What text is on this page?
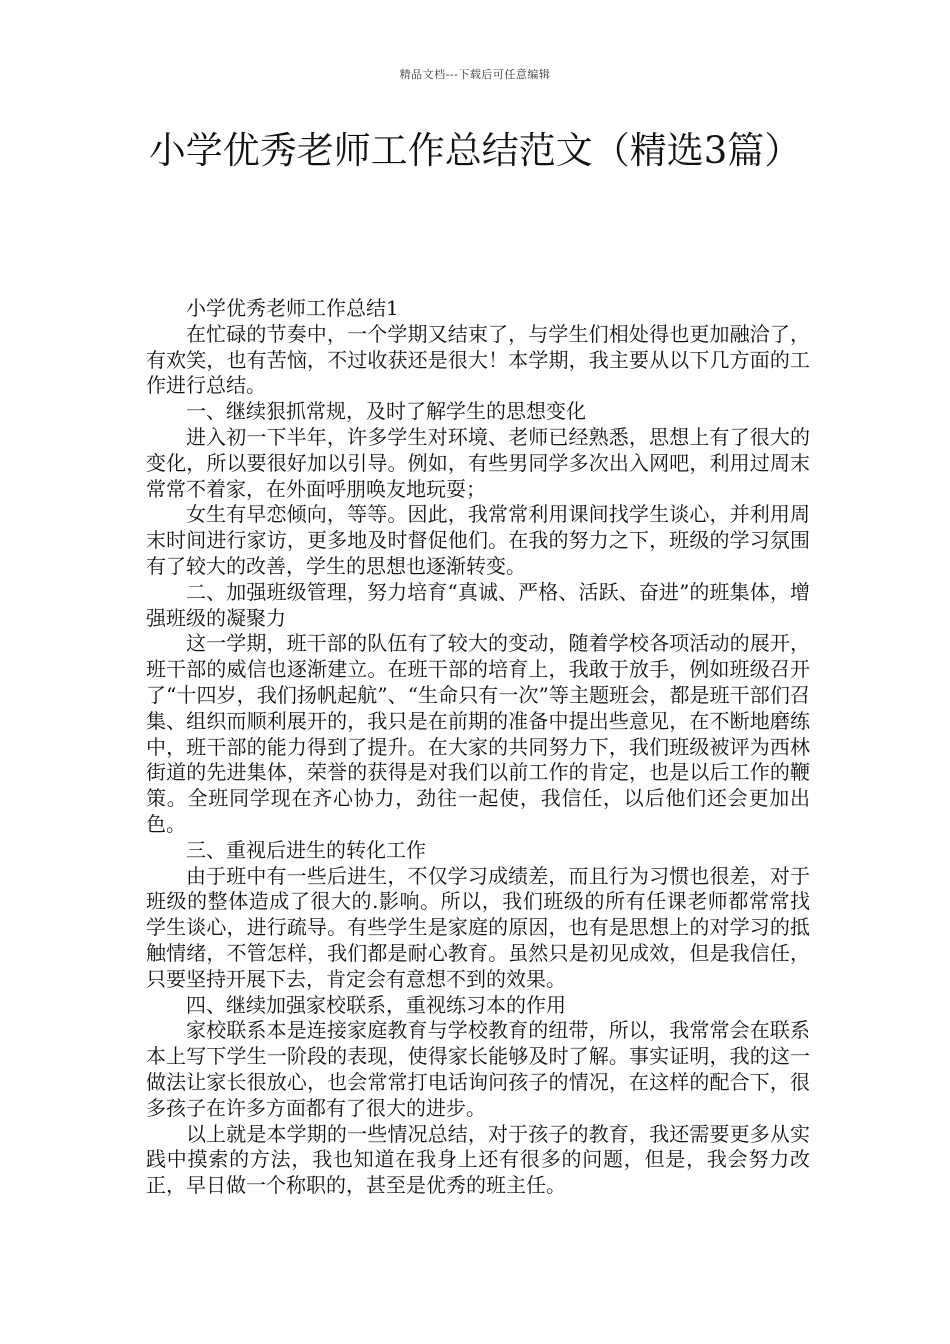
精品文档---下载后可任意编辑
小学优秀老师工作总结范文（精选3篇）

小学优秀老师工作总结1

在忙碌的节奏中，一个学期又结束了，与学生们相处得也更加融洽了，有欢笑，也有苦恼，不过收获还是很大！本学期，我主要从以下几方面的工作进行总结。

一、继续狠抓常规，及时了解学生的思想变化

进入初一下半年，许多学生对环境、老师已经熟悉，思想上有了很大的变化，所以要很好加以引导。例如，有些男同学多次出入网吧，利用过周末常常不着家，在外面呼朋唤友地玩耍；

女生有早恋倾向，等等。因此，我常常利用课间找学生谈心，并利用周末时间进行家访，更多地及时督促他们。在我的努力之下，班级的学习氛围有了较大的改善，学生的思想也逐渐转变。

二、加强班级管理，努力培育“真诚、严格、活跃、奋进”的班集体，增强班级的凝聚力

这一学期，班干部的队伍有了较大的变动，随着学校各项活动的展开，班干部的威信也逐渐建立。在班干部的培育上，我敢于放手，例如班级召开了“十四岁，我们扬帆起航”、“生命只有一次”等主题班会，都是班干部们召集、组织而顺利展开的，我只是在前期的准备中提出些意见，在不断地磨练中，班干部的能力得到了提升。在大家的共同努力下，我们班级被评为西林街道的先进集体，荣誉的获得是对我们以前工作的肯定，也是以后工作的鞭策。全班同学现在齐心协力，劲往一起使，我信任，以后他们还会更加出色。

三、重视后进生的转化工作

由于班中有一些后进生，不仅学习成绩差，而且行为习惯也很差，对于班级的整体造成了很大的.影响。所以，我们班级的所有任课老师都常常找学生谈心，进行疏导。有些学生是家庭的原因，也有是思想上的对学习的抵触情绪，不管怎样，我们都是耐心教育。虽然只是初见成效，但是我信任，只要坚持开展下去，肯定会有意想不到的效果。

四、继续加强家校联系，重视练习本的作用

家校联系本是连接家庭教育与学校教育的纽带，所以，我常常会在联系本上写下学生一阶段的表现，使得家长能够及时了解。事实证明，我的这一做法让家长很放心，也会常常打电话询问孩子的情况，在这样的配合下，很多孩子在许多方面都有了很大的进步。

以上就是本学期的一些情况总结，对于孩子的教育，我还需要更多从实践中摸索的方法，我也知道在我身上还有很多的问题，但是，我会努力改正，早日做一个称职的，甚至是优秀的班主任。
